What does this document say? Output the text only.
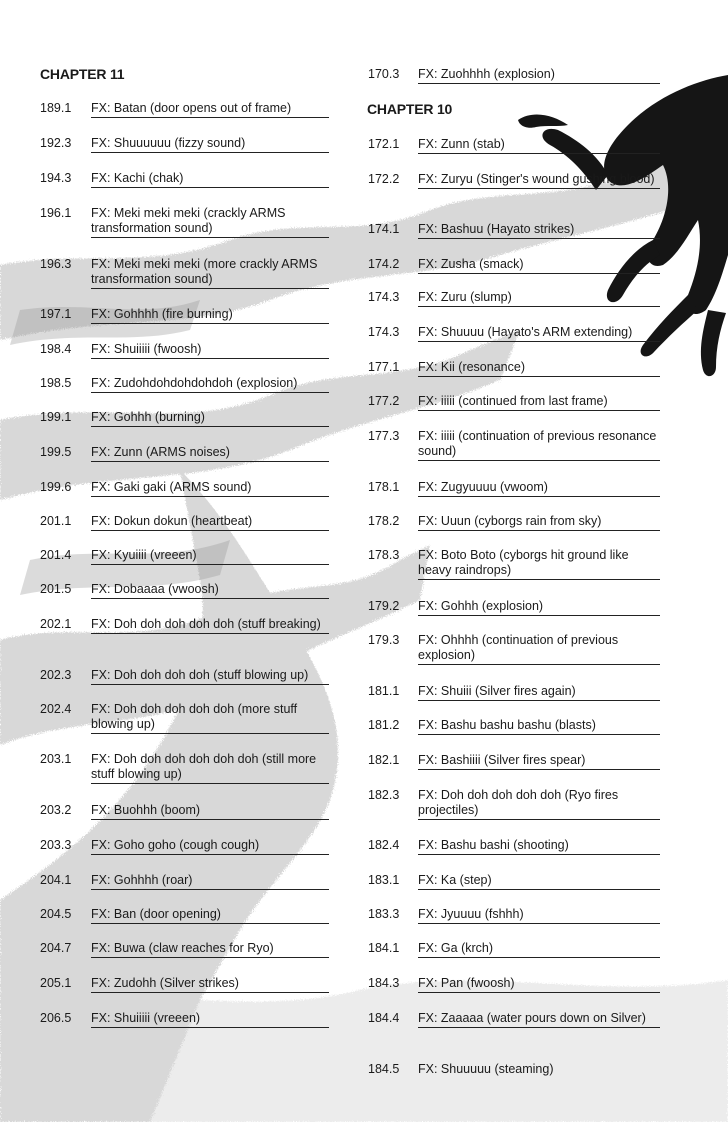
CHAPTER 11
189.1 FX: Batan (door opens out of frame)
192.3 FX: Shuuuuuu (fizzy sound)
194.3 FX: Kachi (chak)
196.1 FX: Meki meki meki (crackly ARMS transformation sound)
196.3 FX: Meki meki meki (more crackly ARMS transformation sound)
197.1 FX: Gohhhh (fire burning)
198.4 FX: Shuiiiii (fwoosh)
198.5 FX: Zudohdohdohdohdoh (explosion)
199.1 FX: Gohhh (burning)
199.5 FX: Zunn (ARMS noises)
199.6 FX: Gaki gaki (ARMS sound)
201.1 FX: Dokun dokun (heartbeat)
201.4 FX: Kyuiiii (vreeen)
201.5 FX: Dobaaaa (vwoosh)
202.1 FX: Doh doh doh doh doh (stuff breaking)
202.3 FX: Doh doh doh doh (stuff blowing up)
202.4 FX: Doh doh doh doh doh (more stuff blowing up)
203.1 FX: Doh doh doh doh doh doh (still more stuff blowing up)
203.2 FX: Buohhh (boom)
203.3 FX: Goho goho (cough cough)
204.1 FX: Gohhhh (roar)
204.5 FX: Ban (door opening)
204.7 FX: Buwa (claw reaches for Ryo)
205.1 FX: Zudohh (Silver strikes)
206.5 FX: Shuiiiii (vreeen)
170.3 FX: Zuohhhh (explosion)
CHAPTER 10
172.1 FX: Zunn (stab)
172.2 FX: Zuryu (Stinger's wound gushing blood)
174.1 FX: Bashuu (Hayato strikes)
174.2 FX: Zusha (smack)
174.3 FX: Zuru (slump)
174.3 FX: Shuuuu (Hayato's ARM extending)
177.1 FX: Kii (resonance)
177.2 FX: iiiii (continued from last frame)
177.3 FX: iiiii (continuation of previous resonance sound)
178.1 FX: Zugyuuuu (vwoom)
178.2 FX: Uuun (cyborgs rain from sky)
178.3 FX: Boto Boto (cyborgs hit ground like heavy raindrops)
179.2 FX: Gohhh (explosion)
179.3 FX: Ohhhh (continuation of previous explosion)
181.1 FX: Shuiii (Silver fires again)
181.2 FX: Bashu bashu bashu (blasts)
182.1 FX: Bashiiii (Silver fires spear)
182.3 FX: Doh doh doh doh doh (Ryo fires projectiles)
182.4 FX: Bashu bashi (shooting)
183.1 FX: Ka (step)
183.3 FX: Jyuuuu (fshhh)
184.1 FX: Ga (krch)
184.3 FX: Pan (fwoosh)
184.4 FX: Zaaaaa (water pours down on Silver)
184.5 FX: Shuuuuu (steaming)
